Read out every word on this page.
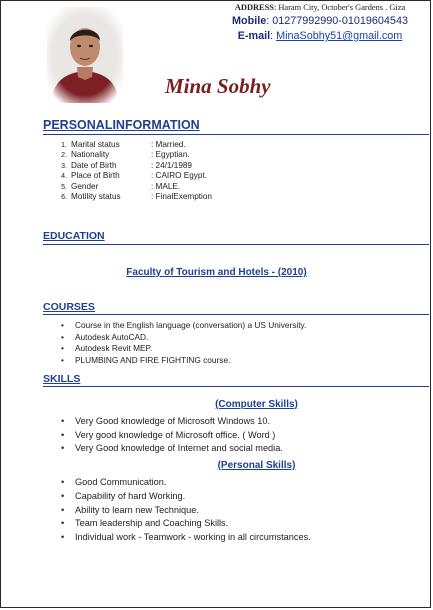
ADDRESS: Haram City, October's Gardens . Giza
Mobile: 01277992990-01019604543
E-mail: MinaSobhy51@gmail.com
Mina Sobhy
PERSONALINFORMATION
1. Marital status	: Married.
2. Nationality	: Egyptian.
3. Date of Birth	: 24/1/1989
4. Place of Birth	: CAIRO Egypt.
5. Gender	: MALE.
6. Motility status	: FinalExemption
EDUCATION
Faculty of Tourism and Hotels - (2010)
COURSES
•	Course in the English language (conversation) a US University.
•	Autodesk AutoCAD.
•	Autodesk Revit MEP.
•	PLUMBING AND FIRE FIGHTING course.
SKILLS
(Computer Skills)
•	Very Good knowledge of Microsoft Windows 10.
•	Very good knowledge of Microsoft office. ( Word )
•	Very Good knowledge of Internet and social media.
(Personal Skills)
•	Good Communication.
•	Capability of hard Working.
•	Ability to learn new Technique.
•	Team leadership and Coaching Skills.
•	Individual work - Teamwork - working in all circumstances.
